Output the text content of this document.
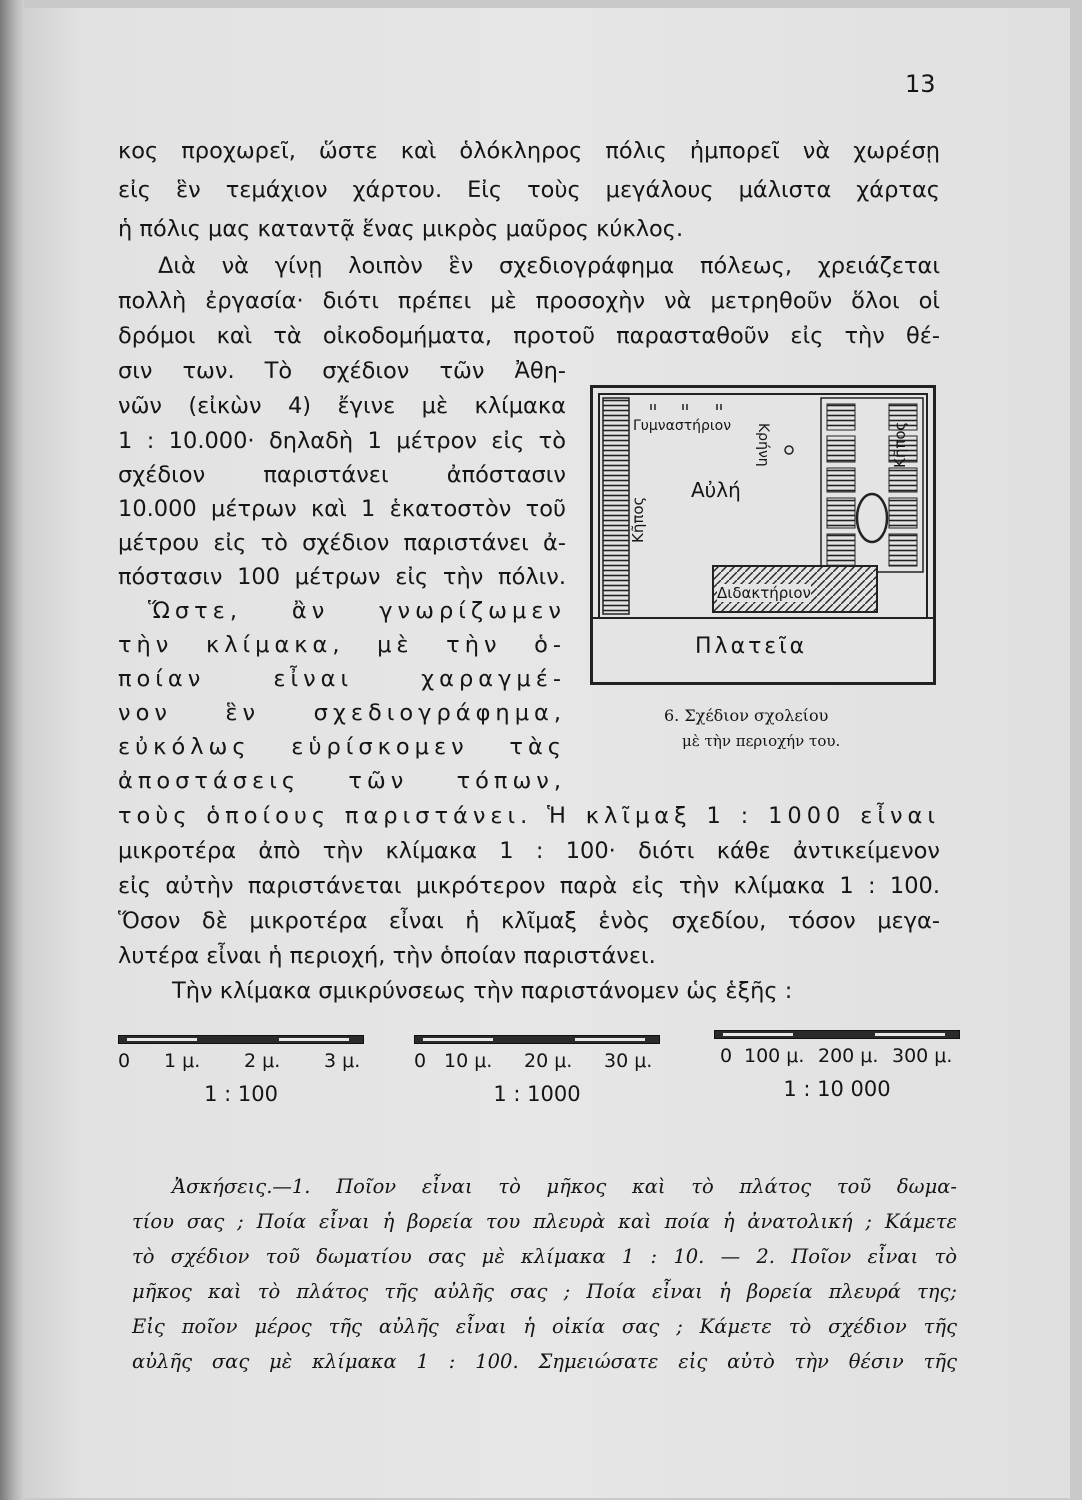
13
κος προχωρεῖ, ὥστε καὶ ὁλόκληρος πόλις ἠμπορεῖ νὰ χωρέσῃ
εἰς ἓν τεμάχιον χάρτου. Εἰς τοὺς μεγάλους μάλιστα χάρτας
ἡ πόλις μας καταντᾷ ἕνας μικρὸς μαῦρος κύκλος.
Διὰ νὰ γίνῃ λοιπὸν ἓν σχεδιογράφημα πόλεως, χρειάζεται
πολλὴ ἐργασία· διότι πρέπει μὲ προσοχὴν νὰ μετρηθοῦν ὅλοι οἱ
δρόμοι καὶ τὰ οἰκοδομήματα, προτοῦ παρασταθοῦν εἰς τὴν θέ-
σιν των. Τὸ σχέδιον τῶν Ἀθη-
νῶν (εἰκὼν 4) ἔγινε μὲ κλίμακα
1 : 10.000· δηλαδὴ 1 μέτρον εἰς τὸ
σχέδιον παριστάνει ἀπόστασιν
10.000 μέτρων καὶ 1 ἑκατοστὸν τοῦ
μέτρου εἰς τὸ σχέδιον παριστάνει ἀ-
πόστασιν 100 μέτρων εἰς τὴν πόλιν.
Ὥστε, ἂν γνωρίζωμεν
τὴν κλίμακα, μὲ τὴν ὁ-
ποίαν εἶναι χαραγμέ-
νον ἓν σχεδιογράφημα,
εὐκόλως εὑρίσκομεν τὰς
ἀποστάσεις τῶν τόπων,
τοὺς ὁποίους παριστάνει. Ἡ κλῖμαξ 1 : 1000 εἶναι
μικροτέρα ἀπὸ τὴν κλίμακα 1 : 100· διότι κάθε ἀντικείμενον
εἰς αὐτὴν παριστάνεται μικρότερον παρὰ εἰς τὴν κλίμακα 1 : 100.
Ὅσον δὲ μικροτέρα εἶναι ἡ κλῖμαξ ἑνὸς σχεδίου, τόσον μεγα-
λυτέρα εἶναι ἡ περιοχή, τὴν ὁποίαν παριστάνει.
Τὴν κλίμακα σμικρύνσεως τὴν παριστάνομεν ὡς ἑξῆς :
Γυμναστήριον
Αὐλή
Κῆπος
Κῆπος
Κρήνη
Διδακτήριον
Πλατεῖα
6. Σχέδιον σχολείου
μὲ τὴν περιοχήν του.
0 1 μ. 2 μ. 3 μ.
1 : 100
0 10 μ. 20 μ. 30 μ.
1 : 1000
0 100 μ. 200 μ. 300 μ.
1 : 10 000
Ἀσκήσεις.—1. Ποῖον εἶναι τὸ μῆκος καὶ τὸ πλάτος τοῦ δωμα-
τίου σας ; Ποία εἶναι ἡ βορεία του πλευρὰ καὶ ποία ἡ ἀνατολική ; Κάμετε
τὸ σχέδιον τοῦ δωματίου σας μὲ κλίμακα 1 : 10. — 2. Ποῖον εἶναι τὸ
μῆκος καὶ τὸ πλάτος τῆς αὐλῆς σας ; Ποία εἶναι ἡ βορεία πλευρά της;
Εἰς ποῖον μέρος τῆς αὐλῆς εἶναι ἡ οἰκία σας ; Κάμετε τὸ σχέδιον τῆς
αὐλῆς σας μὲ κλίμακα 1 : 100. Σημειώσατε εἰς αὐτὸ τὴν θέσιν τῆς
